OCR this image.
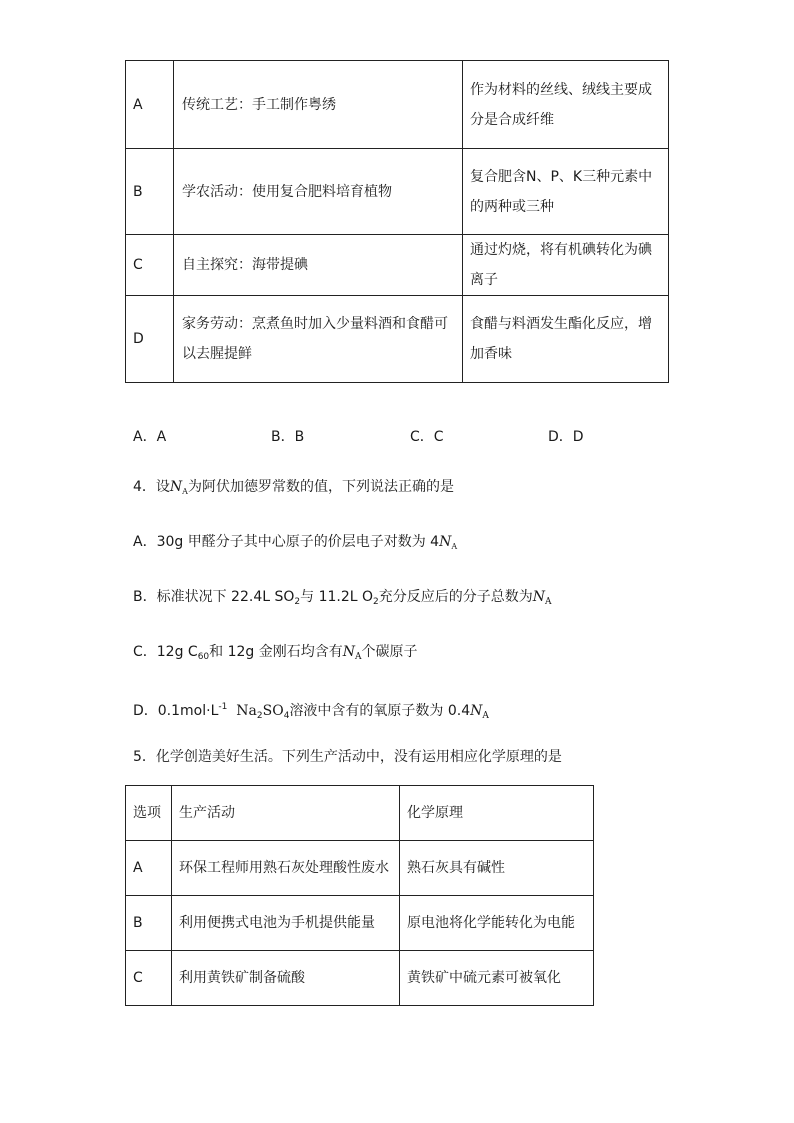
A	传统工艺：手工制作粤绣	作为材料的丝线、绒线主要成分是合成纤维
B	学农活动：使用复合肥料培育植物	复合肥含N、P、K三种元素中的两种或三种
C	自主探究：海带提碘	通过灼烧，将有机碘转化为碘离子
D	家务劳动：烹煮鱼时加入少量料酒和食醋可以去腥提鲜	食醋与料酒发生酯化反应，增加香味
A．A	B．B	C．C	D．D
4．设$N_A$为阿伏加德罗常数的值，下列说法正确的是
A．30g 甲醛分子其中心原子的价层电子对数为 $4N_A$
B．标准状况下 22.4L $SO_2$与 11.2L $O_2$充分反应后的分子总数为$N_A$
C．12g $C_{60}$和 12g 金刚石均含有$N_A$个碳原子
D．$0.1mol\cdot L^{-1}$ $Na_2SO_4$溶液中含有的氧原子数为 $0.4N_A$
5．化学创造美好生活。下列生产活动中，没有运用相应化学原理的是
选项	生产活动	化学原理
A	环保工程师用熟石灰处理酸性废水	熟石灰具有碱性
B	利用便携式电池为手机提供能量	原电池将化学能转化为电能
C	利用黄铁矿制备硫酸	黄铁矿中硫元素可被氧化
